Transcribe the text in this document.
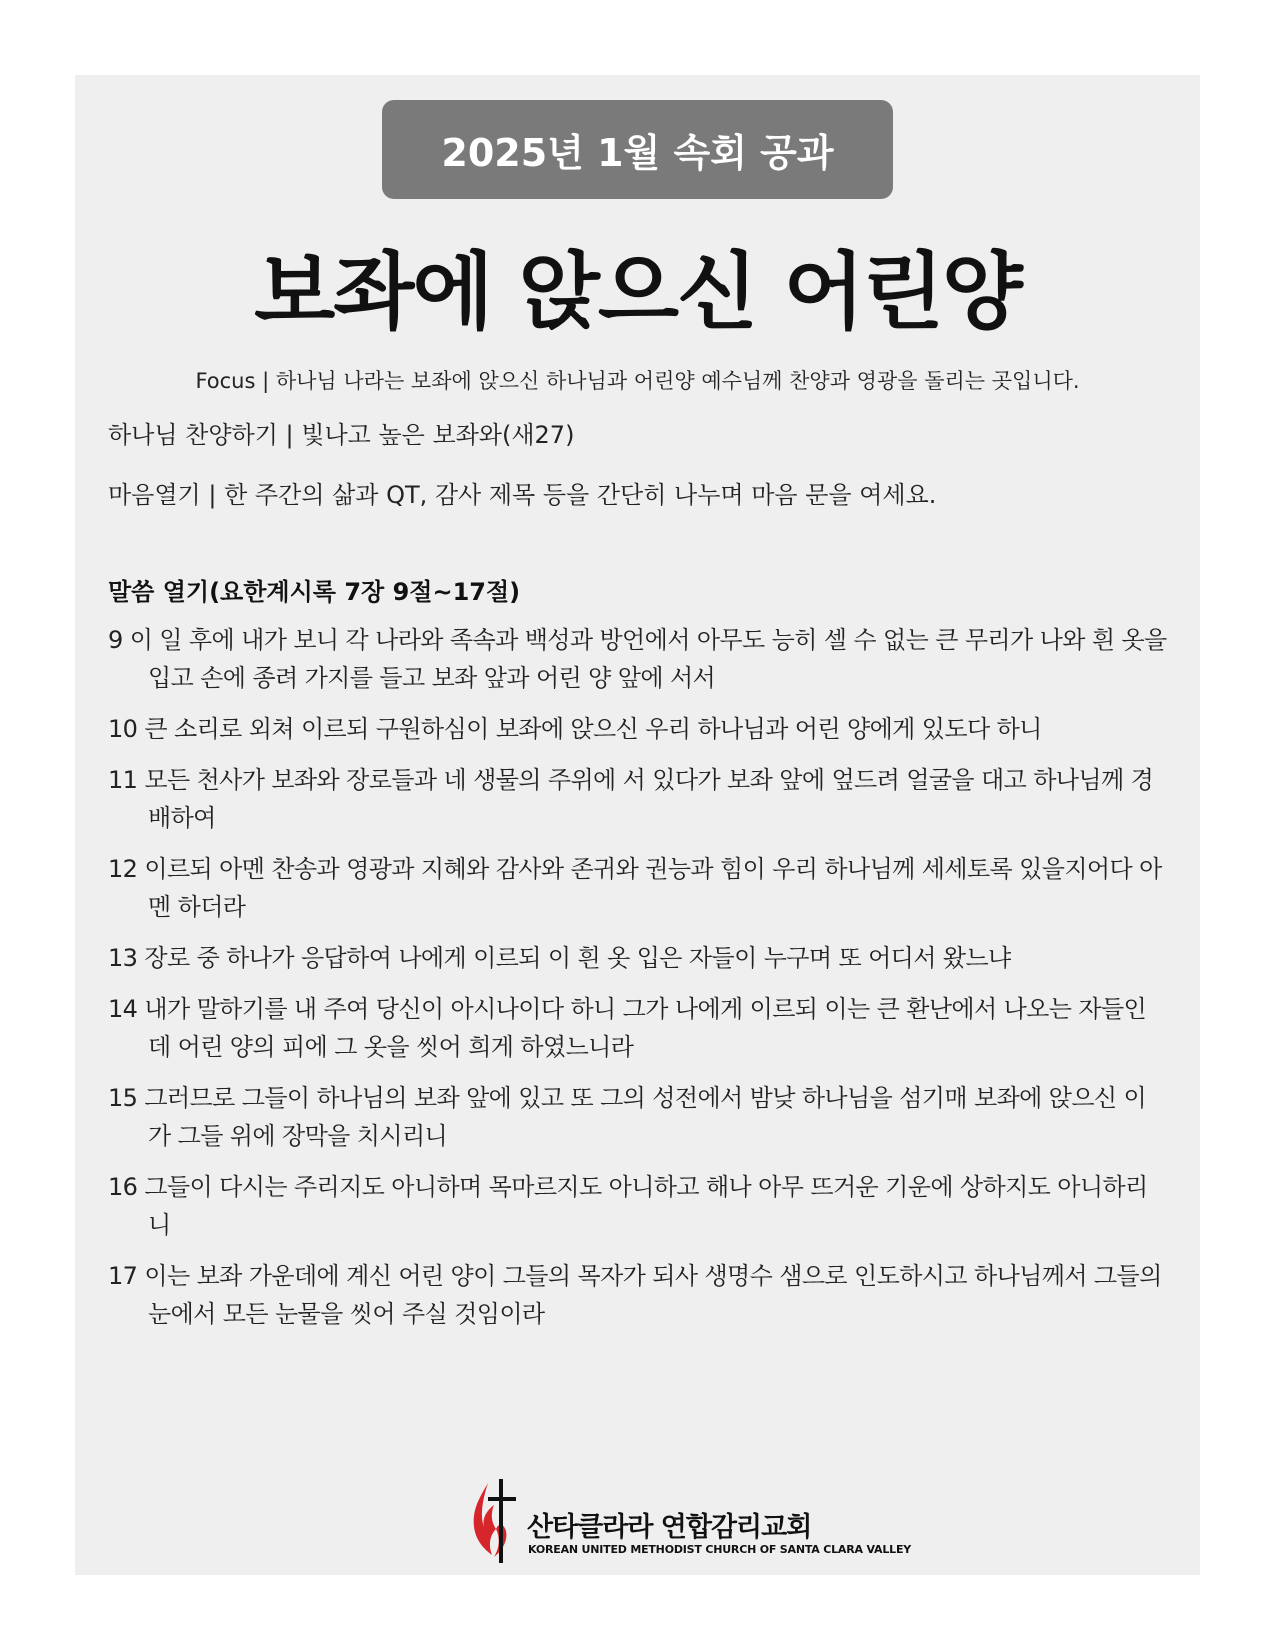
2025년 1월 속회 공과
보좌에 앉으신 어린양
Focus | 하나님 나라는 보좌에 앉으신 하나님과 어린양 예수님께 찬양과 영광을 돌리는 곳입니다.
하나님 찬양하기 | 빛나고 높은 보좌와(새27)
마음열기 | 한 주간의 삶과 QT, 감사 제목 등을 간단히 나누며 마음 문을 여세요.
말씀 열기(요한계시록 7장 9절~17절)
9 이 일 후에 내가 보니 각 나라와 족속과 백성과 방언에서 아무도 능히 셀 수 없는 큰 무리가 나와 흰 옷을 입고 손에 종려 가지를 들고 보좌 앞과 어린 양 앞에 서서
10 큰 소리로 외쳐 이르되 구원하심이 보좌에 앉으신 우리 하나님과 어린 양에게 있도다 하니
11 모든 천사가 보좌와 장로들과 네 생물의 주위에 서 있다가 보좌 앞에 엎드려 얼굴을 대고 하나님께 경배하여
12 이르되 아멘 찬송과 영광과 지혜와 감사와 존귀와 권능과 힘이 우리 하나님께 세세토록 있을지어다 아멘 하더라
13 장로 중 하나가 응답하여 나에게 이르되 이 흰 옷 입은 자들이 누구며 또 어디서 왔느냐
14 내가 말하기를 내 주여 당신이 아시나이다 하니 그가 나에게 이르되 이는 큰 환난에서 나오는 자들인데 어린 양의 피에 그 옷을 씻어 희게 하였느니라
15 그러므로 그들이 하나님의 보좌 앞에 있고 또 그의 성전에서 밤낮 하나님을 섬기매 보좌에 앉으신 이가 그들 위에 장막을 치시리니
16 그들이 다시는 주리지도 아니하며 목마르지도 아니하고 해나 아무 뜨거운 기운에 상하지도 아니하리니
17 이는 보좌 가운데에 계신 어린 양이 그들의 목자가 되사 생명수 샘으로 인도하시고 하나님께서 그들의 눈에서 모든 눈물을 씻어 주실 것임이라
산타클라라 연합감리교회
KOREAN UNITED METHODIST CHURCH OF SANTA CLARA VALLEY
